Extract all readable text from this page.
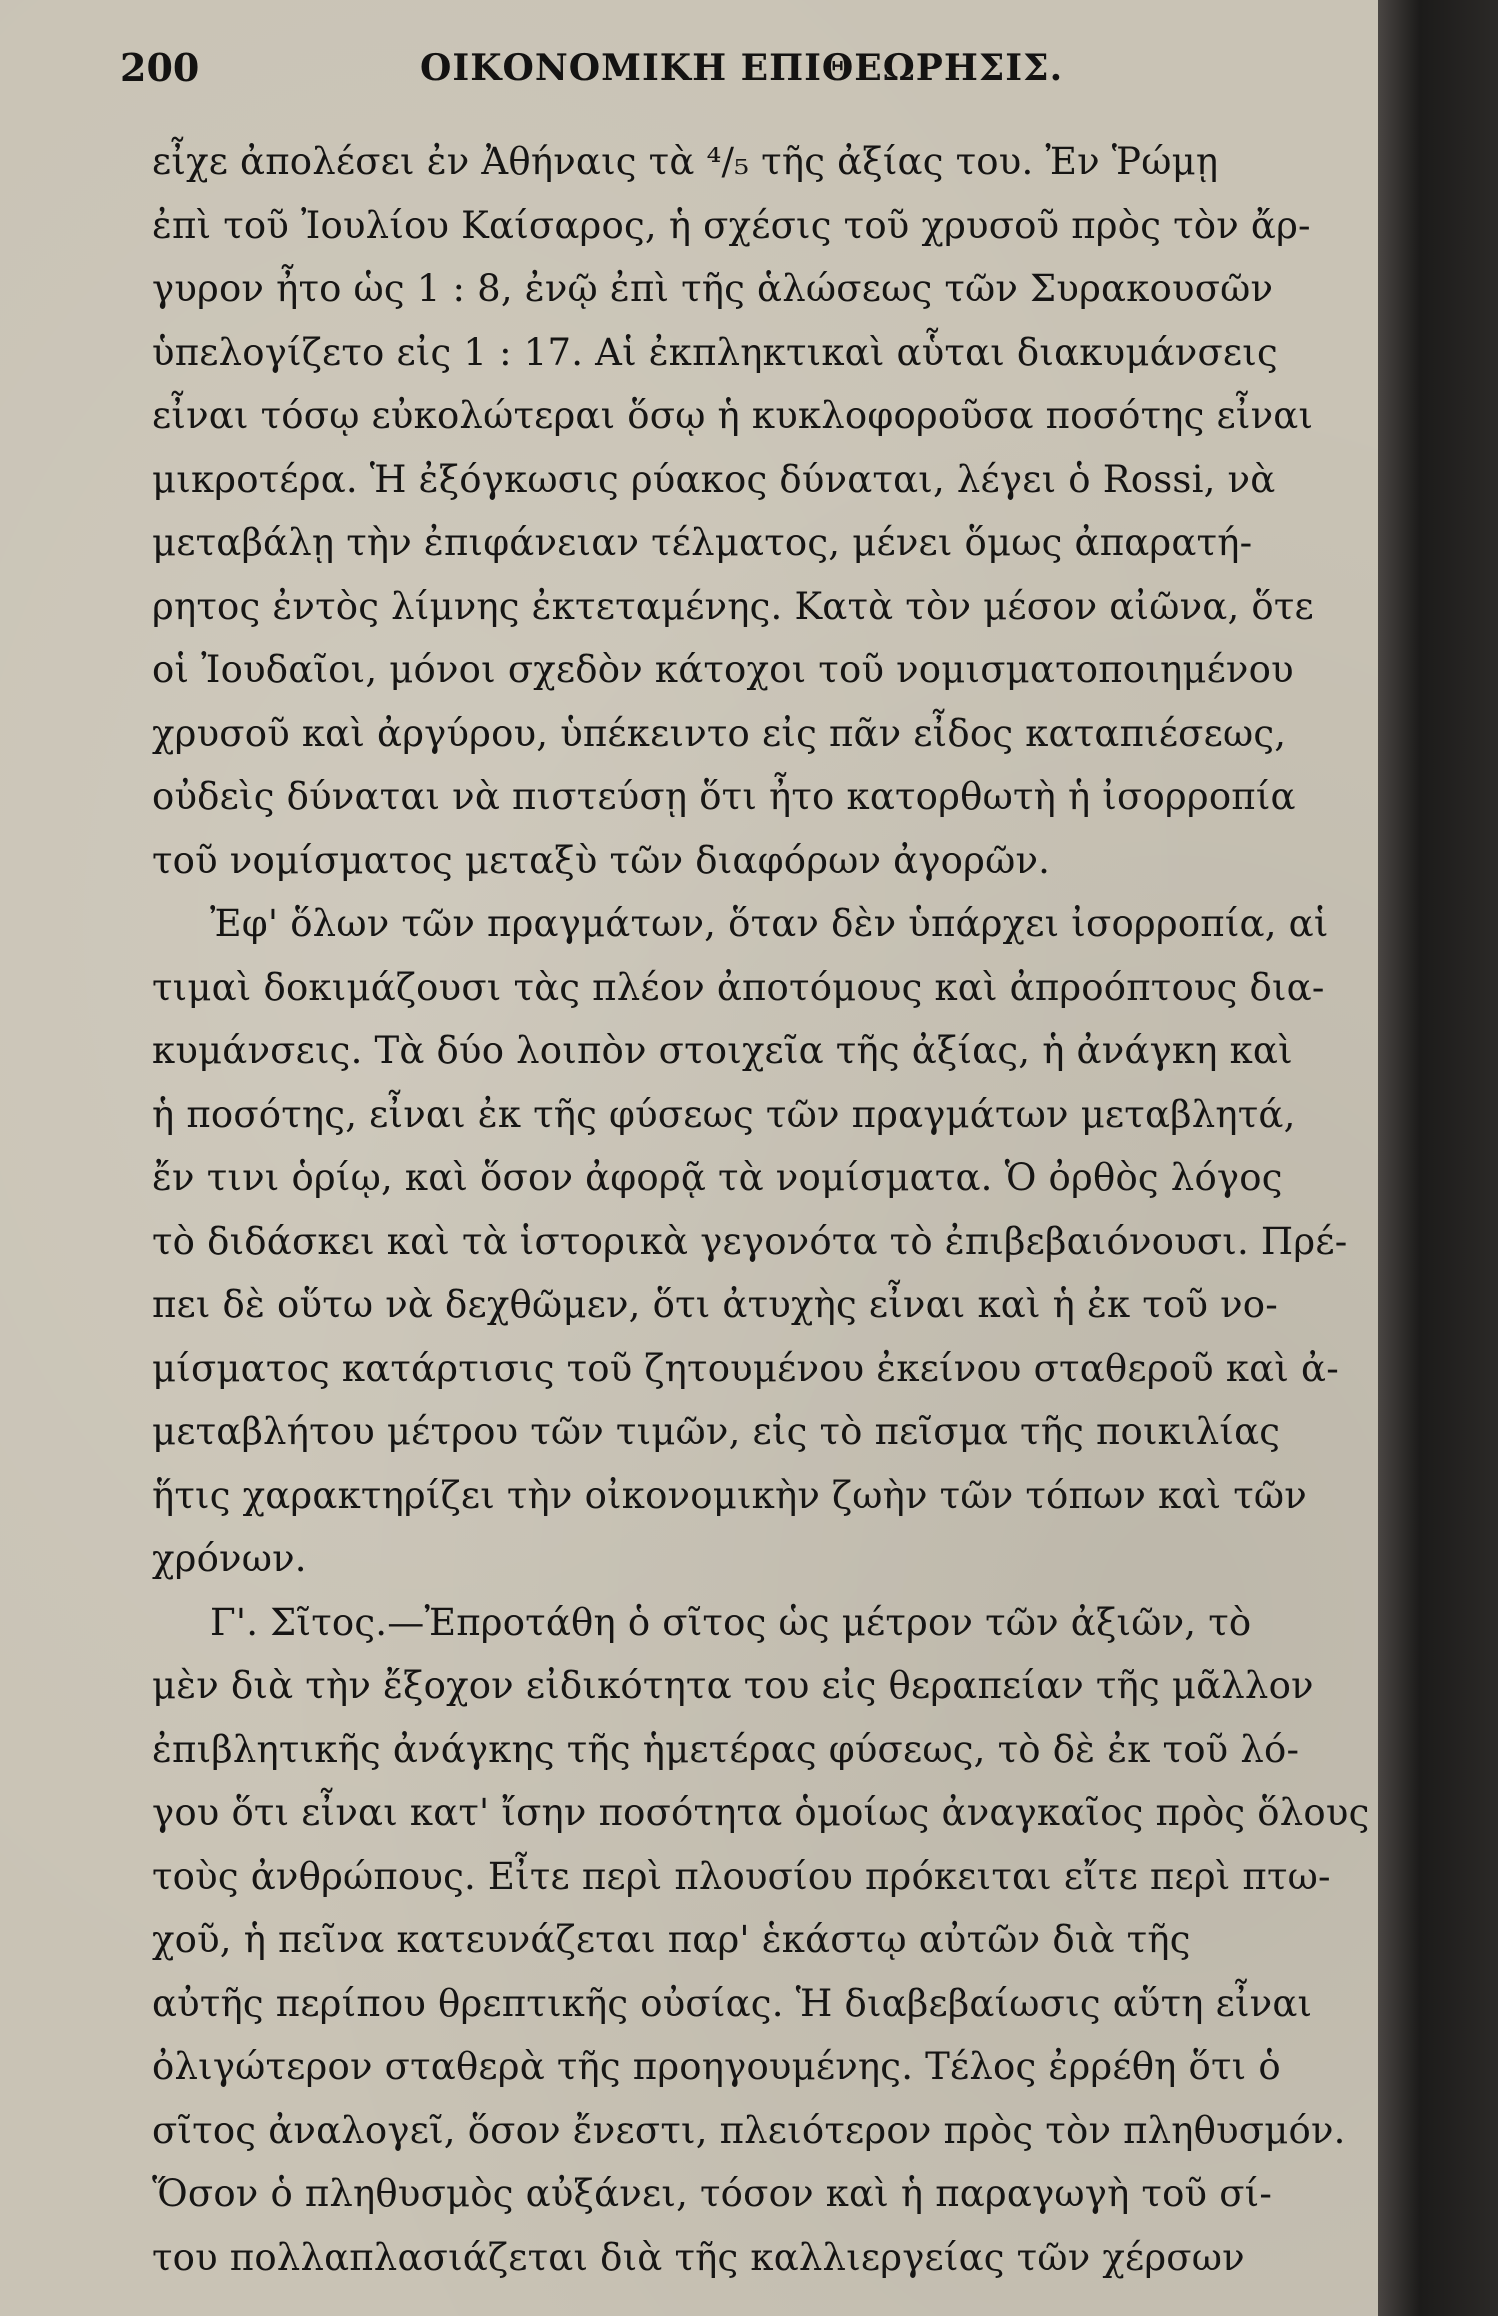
200	ΟΙΚΟΝΟΜΙΚΗ ΕΠΙΘΕΩΡΗΣΙΣ.
εἶχε ἀπολέσει ἐν Ἀθήναις τὰ ⁴/₅ τῆς ἀξίας του. Ἐν Ῥώμῃ
ἐπὶ τοῦ Ἰουλίου Καίσαρος, ἡ σχέσις τοῦ χρυσοῦ πρὸς τὸν ἄρ-
γυρον ἦτο ὡς 1 : 8, ἐνῷ ἐπὶ τῆς ἁλώσεως τῶν Συρακουσῶν
ὑπελογίζετο εἰς 1 : 17. Αἱ ἐκπληκτικαὶ αὗται διακυμάνσεις
εἶναι τόσῳ εὐκολώτεραι ὅσῳ ἡ κυκλοφοροῦσα ποσότης εἶναι
μικροτέρα. Ἡ ἐξόγκωσις ρύακος δύναται, λέγει ὁ Rossi, νὰ
μεταβάλῃ τὴν ἐπιφάνειαν τέλματος, μένει ὅμως ἀπαρατή-
ρητος ἐντὸς λίμνης ἐκτεταμένης. Κατὰ τὸν μέσον αἰῶνα, ὅτε
οἱ Ἰουδαῖοι, μόνοι σχεδὸν κάτοχοι τοῦ νομισματοποιημένου
χρυσοῦ καὶ ἀργύρου, ὑπέκειντο εἰς πᾶν εἶδος καταπιέσεως,
οὐδεὶς δύναται νὰ πιστεύσῃ ὅτι ἦτο κατορθωτὴ ἡ ἰσορροπία
τοῦ νομίσματος μεταξὺ τῶν διαφόρων ἀγορῶν.
Ἐφ' ὅλων τῶν πραγμάτων, ὅταν δὲν ὑπάρχει ἰσορροπία, αἱ
τιμαὶ δοκιμάζουσι τὰς πλέον ἀποτόμους καὶ ἀπροόπτους δια-
κυμάνσεις. Τὰ δύο λοιπὸν στοιχεῖα τῆς ἀξίας, ἡ ἀνάγκη καὶ
ἡ ποσότης, εἶναι ἐκ τῆς φύσεως τῶν πραγμάτων μεταβλητά,
ἔν τινι ὁρίῳ, καὶ ὅσον ἀφορᾷ τὰ νομίσματα. Ὁ ὀρθὸς λόγος
τὸ διδάσκει καὶ τὰ ἱστορικὰ γεγονότα τὸ ἐπιβεβαιόνουσι. Πρέ-
πει δὲ οὕτω νὰ δεχθῶμεν, ὅτι ἀτυχὴς εἶναι καὶ ἡ ἐκ τοῦ νο-
μίσματος κατάρτισις τοῦ ζητουμένου ἐκείνου σταθεροῦ καὶ ἀ-
μεταβλήτου μέτρου τῶν τιμῶν, εἰς τὸ πεῖσμα τῆς ποικιλίας
ἥτις χαρακτηρίζει τὴν οἰκονομικὴν ζωὴν τῶν τόπων καὶ τῶν
χρόνων.
Γ'. Σῖτος.—Ἐπροτάθη ὁ σῖτος ὡς μέτρον τῶν ἀξιῶν, τὸ
μὲν διὰ τὴν ἔξοχον εἰδικότητα του εἰς θεραπείαν τῆς μᾶλλον
ἐπιβλητικῆς ἀνάγκης τῆς ἡμετέρας φύσεως, τὸ δὲ ἐκ τοῦ λό-
γου ὅτι εἶναι κατ' ἴσην ποσότητα ὁμοίως ἀναγκαῖος πρὸς ὅλους
τοὺς ἀνθρώπους. Εἶτε περὶ πλουσίου πρόκειται εἴτε περὶ πτω-
χοῦ, ἡ πεῖνα κατευνάζεται παρ' ἑκάστῳ αὐτῶν διὰ τῆς
αὐτῆς περίπου θρεπτικῆς οὐσίας. Ἡ διαβεβαίωσις αὕτη εἶναι
ὀλιγώτερον σταθερὰ τῆς προηγουμένης. Τέλος ἐρρέθη ὅτι ὁ
σῖτος ἀναλογεῖ, ὅσον ἔνεστι, πλειότερον πρὸς τὸν πληθυσμόν.
Ὅσον ὁ πληθυσμὸς αὐξάνει, τόσον καὶ ἡ παραγωγὴ τοῦ σί-
του πολλαπλασιάζεται διὰ τῆς καλλιεργείας τῶν χέρσων
